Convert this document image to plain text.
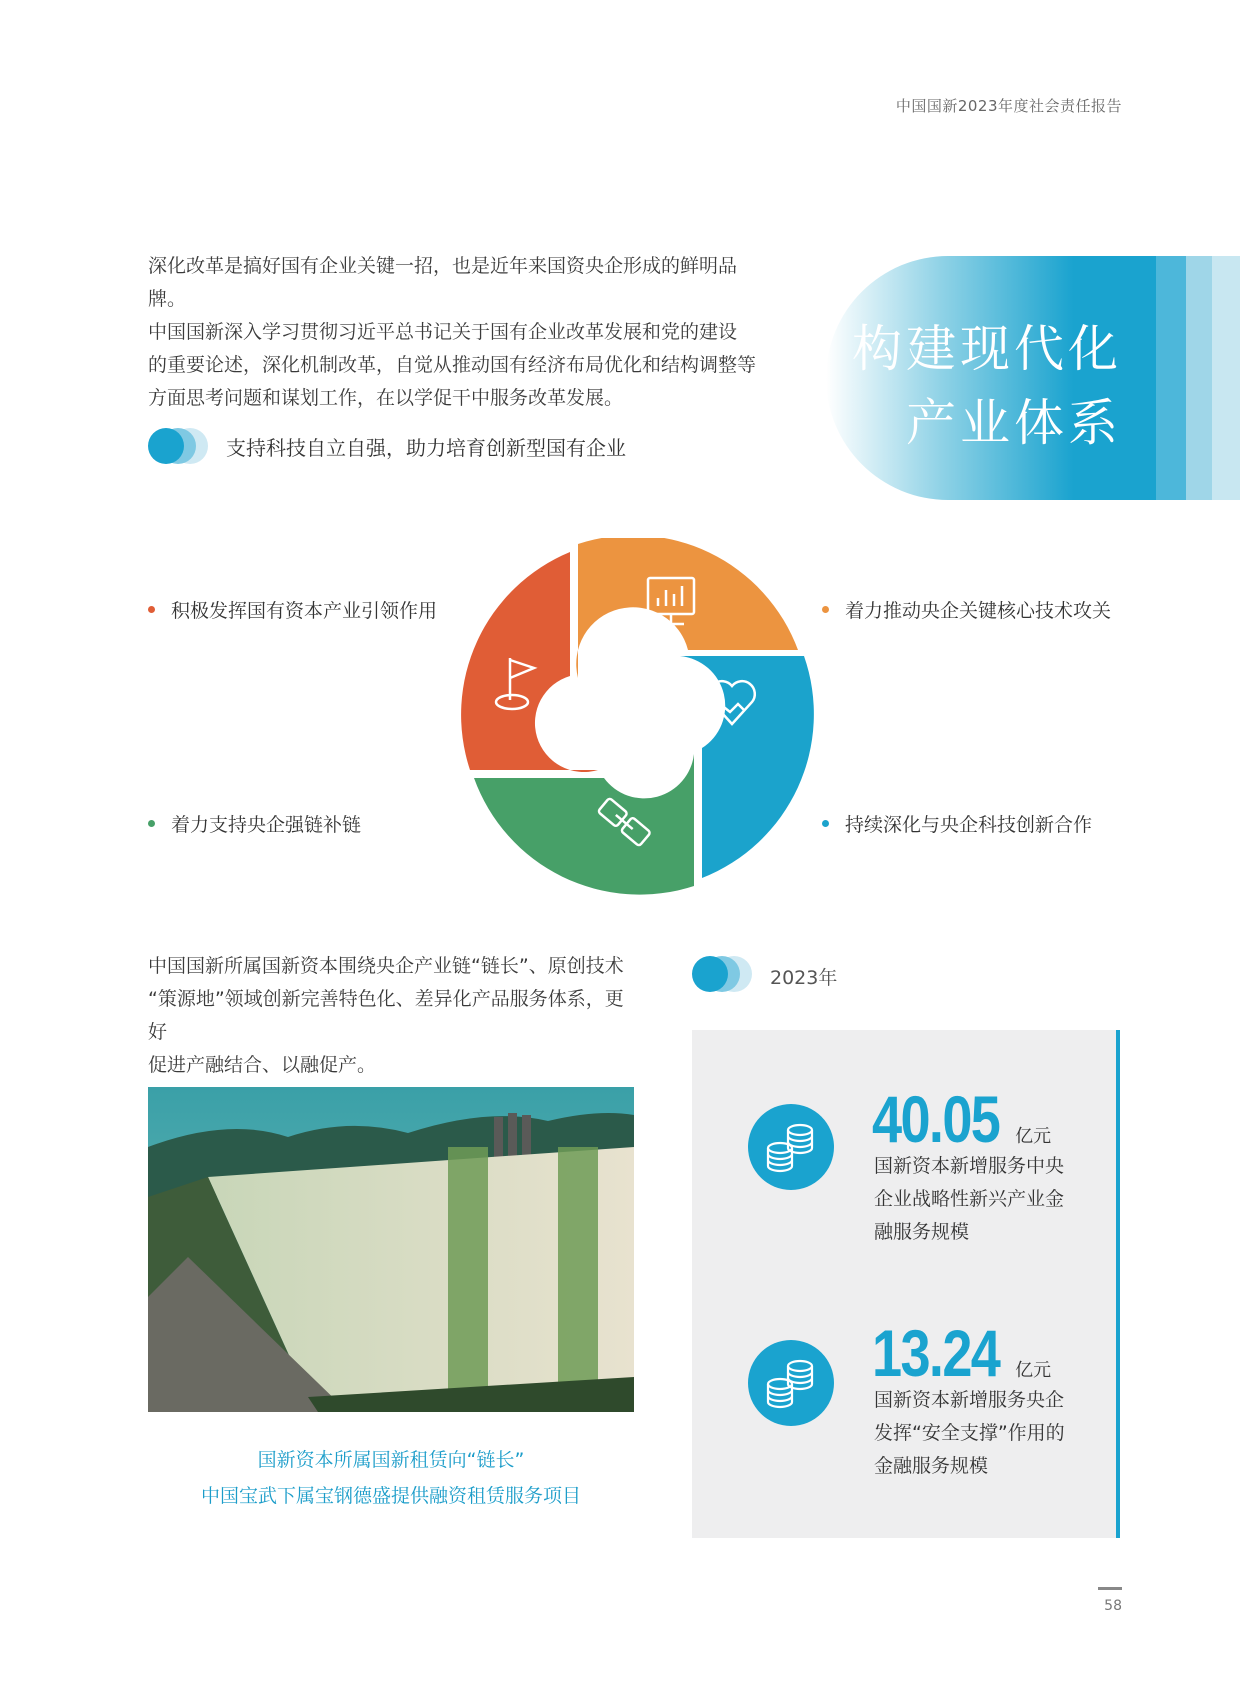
中国国新2023年度社会责任报告

深化改革是搞好国有企业关键一招，也是近年来国资央企形成的鲜明品牌。

中国国新深入学习贯彻习近平总书记关于国有企业改革发展和党的建设

的重要论述，深化机制改革，自觉从推动国有经济布局优化和结构调整等

方面思考问题和谋划工作，在以学促干中服务改革发展。

构建现代化
产业体系
支持科技自立自强，助力培育创新型国有企业
积极发挥国有资本产业引领作用	着力推动央企关键核心技术攻关
着力支持央企强链补链	持续深化与央企科技创新合作

中国国新所属国新资本围绕央企产业链“链长”、原创技术

“策源地”领域创新完善特色化、差异化产品服务体系，更好

促进产融结合、以融促产。

国新资本所属国新租赁向“链长”

中国宝武下属宝钢德盛提供融资租赁服务项目

2023年
40.05 亿元

国新资本新增服务中央

企业战略性新兴产业金

融服务规模

13.24 亿元

国新资本新增服务央企

发挥“安全支撑”作用的

金融服务规模

58
